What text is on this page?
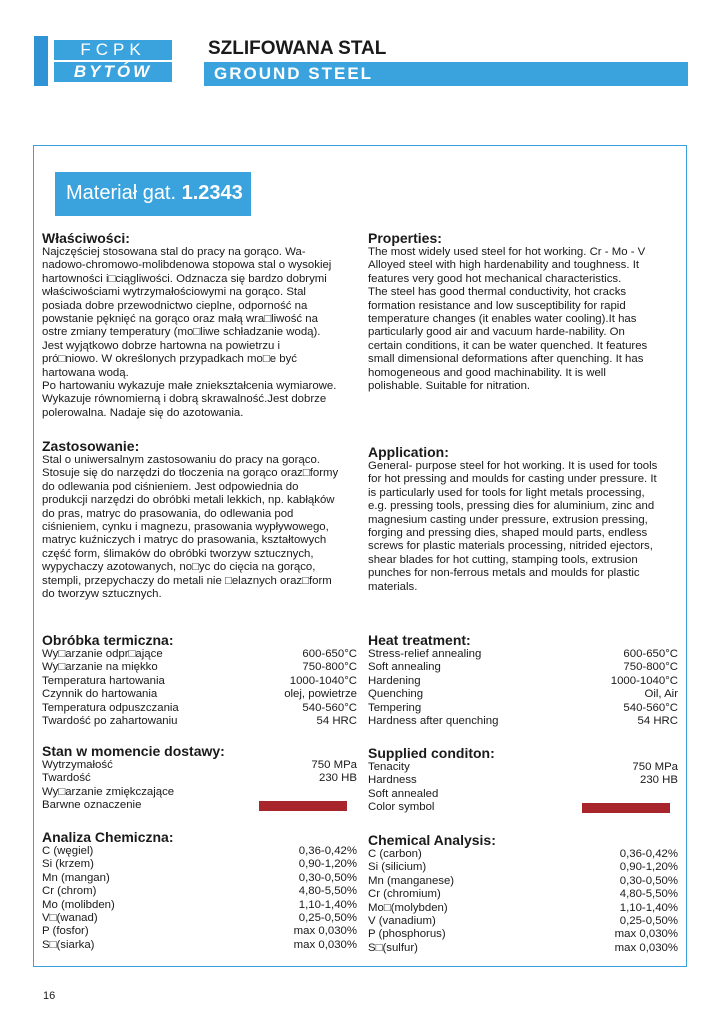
FCPK
BYTÓW
SZLIFOWANA STAL
GROUND STEEL
Materiał gat. 1.2343
Właściwości:
Najczęściej stosowana stal do pracy na gorąco. Wa-
nadowo-chromowo-molibdenowa stopowa stal o wysokiej
hartowności i□ciągliwości. Odznacza się bardzo dobrymi
właściwościami wytrzymałościowymi na gorąco. Stal
posiada dobre przewodnictwo cieplne, odporność na
powstanie pęknięć na gorąco oraz małą wra□liwość na
ostre zmiany temperatury (mo□liwe schładzanie wodą).
Jest wyjątkowo dobrze hartowna na powietrzu i
pró□niowo. W określonych przypadkach mo□e być
hartowana wodą.
Po hartowaniu wykazuje małe zniekształcenia wymiarowe.
Wykazuje równomierną i dobrą skrawalność.Jest dobrze
polerowalna. Nadaje się do azotowania.
Properties:
The most widely used steel for hot working. Cr - Mo - V
Alloyed steel with high hardenability and toughness. It
features very good hot mechanical characteristics.
The steel has good thermal conductivity, hot cracks
formation resistance and low susceptibility for rapid
temperature changes (it enables water cooling).It has
particularly good air and vacuum harde-nability. On
certain conditions, it can be water quenched. It features
small dimensional deformations after quenching. It has
homogeneous and good machinability. It is well
polishable. Suitable for nitration.
Zastosowanie:
Stal o uniwersalnym zastosowaniu do pracy na gorąco.
Stosuje się do narzędzi do tłoczenia na gorąco oraz□formy
do odlewania pod ciśnieniem. Jest odpowiednia do
produkcji narzędzi do obróbki metali lekkich, np. kabłąków
do pras, matryc do prasowania, do odlewania pod
ciśnieniem, cynku i magnezu, prasowania wypływowego,
matryc kuźniczych i matryc do prasowania, kształtowych
część form, ślimaków do obróbki tworzyw sztucznych,
wypychaczy azotowanych, no□yc do cięcia na gorąco,
stempli, przepychaczy do metali nie □elaznych oraz□form
do tworzyw sztucznych.
Application:
General- purpose steel for hot working. It is used for tools
for hot pressing and moulds for casting under pressure. It
is particularly used for tools for light metals processing,
e.g. pressing tools, pressing dies for aluminium, zinc and
magnesium casting under pressure, extrusion pressing,
forging and pressing dies, shaped mould parts, endless
screws for plastic materials processing, nitrided ejectors,
shear blades for hot cutting, stamping tools, extrusion
punches for non-ferrous metals and moulds for plastic
materials.
Obróbka termiczna:
Wy□arzanie odpr□ające	600-650°C
Wy□arzanie na miękko	750-800°C
Temperatura hartowania	1000-1040°C
Czynnik do hartowania	olej, powietrze
Temperatura odpuszczania	540-560°C
Twardość po zahartowaniu	54 HRC
Heat treatment:
Stress-relief annealing	600-650°C
Soft annealing	750-800°C
Hardening	1000-1040°C
Quenching	Oil, Air
Tempering	540-560°C
Hardness after quenching	54 HRC
Stan w momencie dostawy:
Wytrzymałość	750 MPa
Twardość	230 HB
Wy□arzanie zmiękczające
Barwne oznaczenie
Supplied conditon:
Tenacity	750 MPa
Hardness	230 HB
Soft annealed
Color symbol
Analiza Chemiczna:
C (węgiel)	0,36-0,42%
Si (krzem)	0,90-1,20%
Mn (mangan)	0,30-0,50%
Cr (chrom)	4,80-5,50%
Mo (molibden)	1,10-1,40%
V□(wanad)	0,25-0,50%
P (fosfor)	max 0,030%
S□(siarka)	max 0,030%
Chemical Analysis:
C (carbon)	0,36-0,42%
Si (silicium)	0,90-1,20%
Mn (manganese)	0,30-0,50%
Cr (chromium)	4,80-5,50%
Mo□(molybden)	1,10-1,40%
V (vanadium)	0,25-0,50%
P (phosphorus)	max 0,030%
S□(sulfur)	max 0,030%
16
